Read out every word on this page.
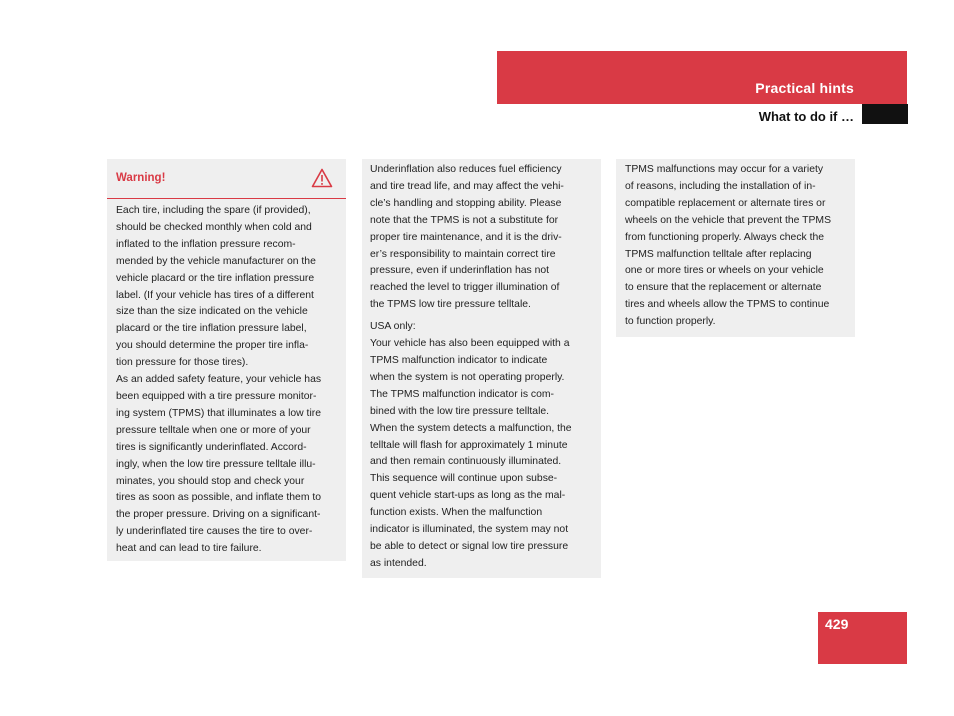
Practical hints
What to do if …
Warning!

Each tire, including the spare (if provided),

should be checked monthly when cold and

inflated to the inflation pressure recom-

mended by the vehicle manufacturer on the

vehicle placard or the tire inflation pressure

label. (If your vehicle has tires of a different

size than the size indicated on the vehicle

placard or the tire inflation pressure label,

you should determine the proper tire infla-

tion pressure for those tires).

As an added safety feature, your vehicle has

been equipped with a tire pressure monitor-

ing system (TPMS) that illuminates a low tire

pressure telltale when one or more of your

tires is significantly underinflated. Accord-

ingly, when the low tire pressure telltale illu-

minates, you should stop and check your

tires as soon as possible, and inflate them to

the proper pressure. Driving on a significant-

ly underinflated tire causes the tire to over-

heat and can lead to tire failure.

Underinflation also reduces fuel efficiency

and tire tread life, and may affect the vehi-

cle’s handling and stopping ability. Please

note that the TPMS is not a substitute for

proper tire maintenance, and it is the driv-

er’s responsibility to maintain correct tire

pressure, even if underinflation has not

reached the level to trigger illumination of

the TPMS low tire pressure telltale.

USA only:

Your vehicle has also been equipped with a

TPMS malfunction indicator to indicate

when the system is not operating properly.

The TPMS malfunction indicator is com-

bined with the low tire pressure telltale.

When the system detects a malfunction, the

telltale will flash for approximately 1 minute

and then remain continuously illuminated.

This sequence will continue upon subse-

quent vehicle start-ups as long as the mal-

function exists. When the malfunction

indicator is illuminated, the system may not

be able to detect or signal low tire pressure

as intended.

TPMS malfunctions may occur for a variety

of reasons, including the installation of in-

compatible replacement or alternate tires or

wheels on the vehicle that prevent the TPMS

from functioning properly. Always check the

TPMS malfunction telltale after replacing

one or more tires or wheels on your vehicle

to ensure that the replacement or alternate

tires and wheels allow the TPMS to continue

to function properly.

429
